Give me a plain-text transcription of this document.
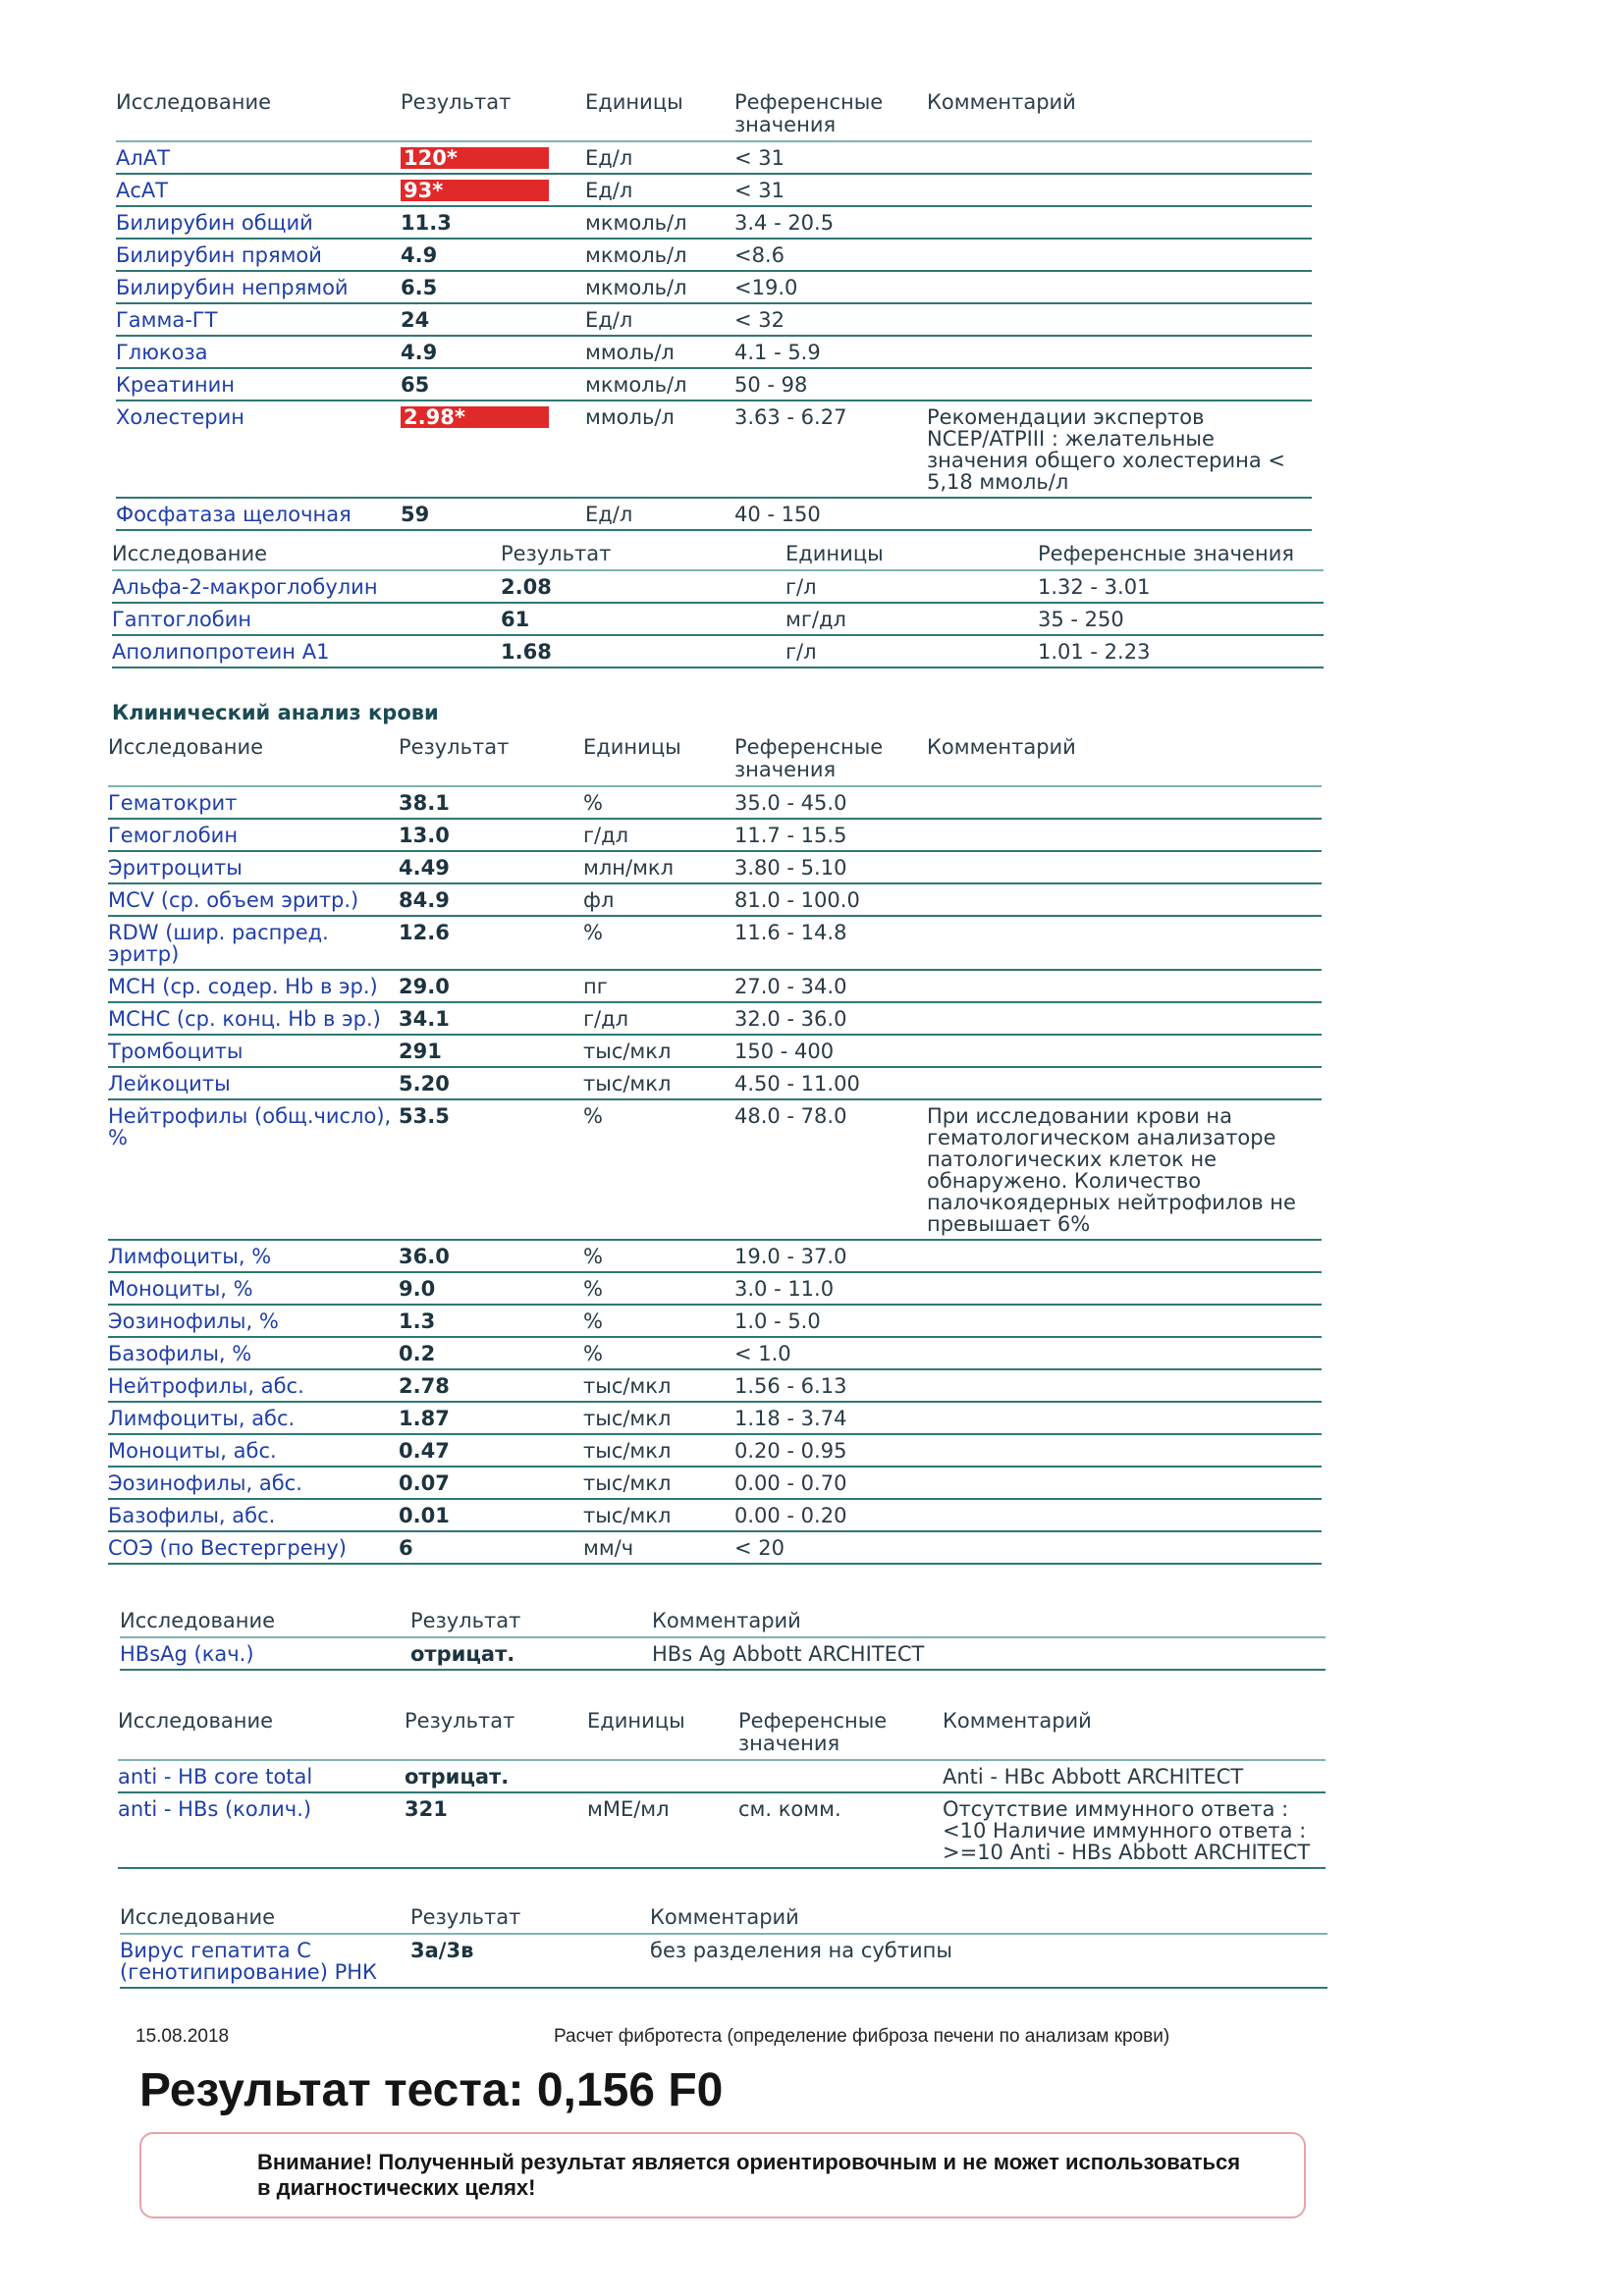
Исследование	Результат	Единицы	Референсные значения	Комментарий
АлАТ	120*	Ед/л	< 31	
АсАТ	93*	Ед/л	< 31	
Билирубин общий	11.3	мкмоль/л	3.4 - 20.5	
Билирубин прямой	4.9	мкмоль/л	<8.6	
Билирубин непрямой	6.5	мкмоль/л	<19.0	
Гамма-ГТ	24	Ед/л	< 32	
Глюкоза	4.9	ммоль/л	4.1 - 5.9	
Креатинин	65	мкмоль/л	50 - 98	
Холестерин	2.98*	ммоль/л	3.63 - 6.27	Рекомендации экспертов NCEP/ATPIII : желательные значения общего холестерина < 5,18 ммоль/л
Фосфатаза щелочная	59	Ед/л	40 - 150	
Исследование	Результат	Единицы	Референсные значения
Альфа-2-макроглобулин	2.08	г/л	1.32 - 3.01
Гаптоглобин	61	мг/дл	35 - 250
Аполипопротеин А1	1.68	г/л	1.01 - 2.23
Клинический анализ крови
Исследование	Результат	Единицы	Референсные значения	Комментарий
Гематокрит	38.1	%	35.0 - 45.0	
Гемоглобин	13.0	г/дл	11.7 - 15.5	
Эритроциты	4.49	млн/мкл	3.80 - 5.10	
MCV (ср. объем эритр.)	84.9	фл	81.0 - 100.0	
RDW (шир. распред. эритр)	12.6	%	11.6 - 14.8	
MCH (ср. содер. Hb в эр.)	29.0	пг	27.0 - 34.0	
MCHC (ср. конц. Hb в эр.)	34.1	г/дл	32.0 - 36.0	
Тромбоциты	291	тыс/мкл	150 - 400	
Лейкоциты	5.20	тыс/мкл	4.50 - 11.00	
Нейтрофилы (общ.число), %	53.5	%	48.0 - 78.0	При исследовании крови на гематологическом анализаторе патологических клеток не обнаружено. Количество палочкоядерных нейтрофилов не превышает 6%
Лимфоциты, %	36.0	%	19.0 - 37.0	
Моноциты, %	9.0	%	3.0 - 11.0	
Эозинофилы, %	1.3	%	1.0 - 5.0	
Базофилы, %	0.2	%	< 1.0	
Нейтрофилы, абс.	2.78	тыс/мкл	1.56 - 6.13	
Лимфоциты, абс.	1.87	тыс/мкл	1.18 - 3.74	
Моноциты, абс.	0.47	тыс/мкл	0.20 - 0.95	
Эозинофилы, абс.	0.07	тыс/мкл	0.00 - 0.70	
Базофилы, абс.	0.01	тыс/мкл	0.00 - 0.20	
СОЭ (по Вестергрену)	6	мм/ч	< 20	
Исследование	Результат	Комментарий
HBsAg (кач.)	отрицат.	HBs Ag Abbott ARCHITECT
Исследование	Результат	Единицы	Референсные значения	Комментарий
anti - HB core total	отрицат.			Anti - HBc Abbott ARCHITECT
anti - HBs (колич.)	321	мМЕ/мл	см. комм.	Отсутствие иммунного ответа : <10 Наличие иммунного ответа : >=10 Anti - HBs Abbott ARCHITECT
Исследование	Результат	Комментарий
Вирус гепатита С (генотипирование) РНК	3a/3в	без разделения на субтипы
15.08.2018	Расчет фибротеста (определение фиброза печени по анализам крови)
Результат теста: 0,156 F0

Внимание! Полученный результат является ориентировочным и не может использоваться в диагностических целях!
